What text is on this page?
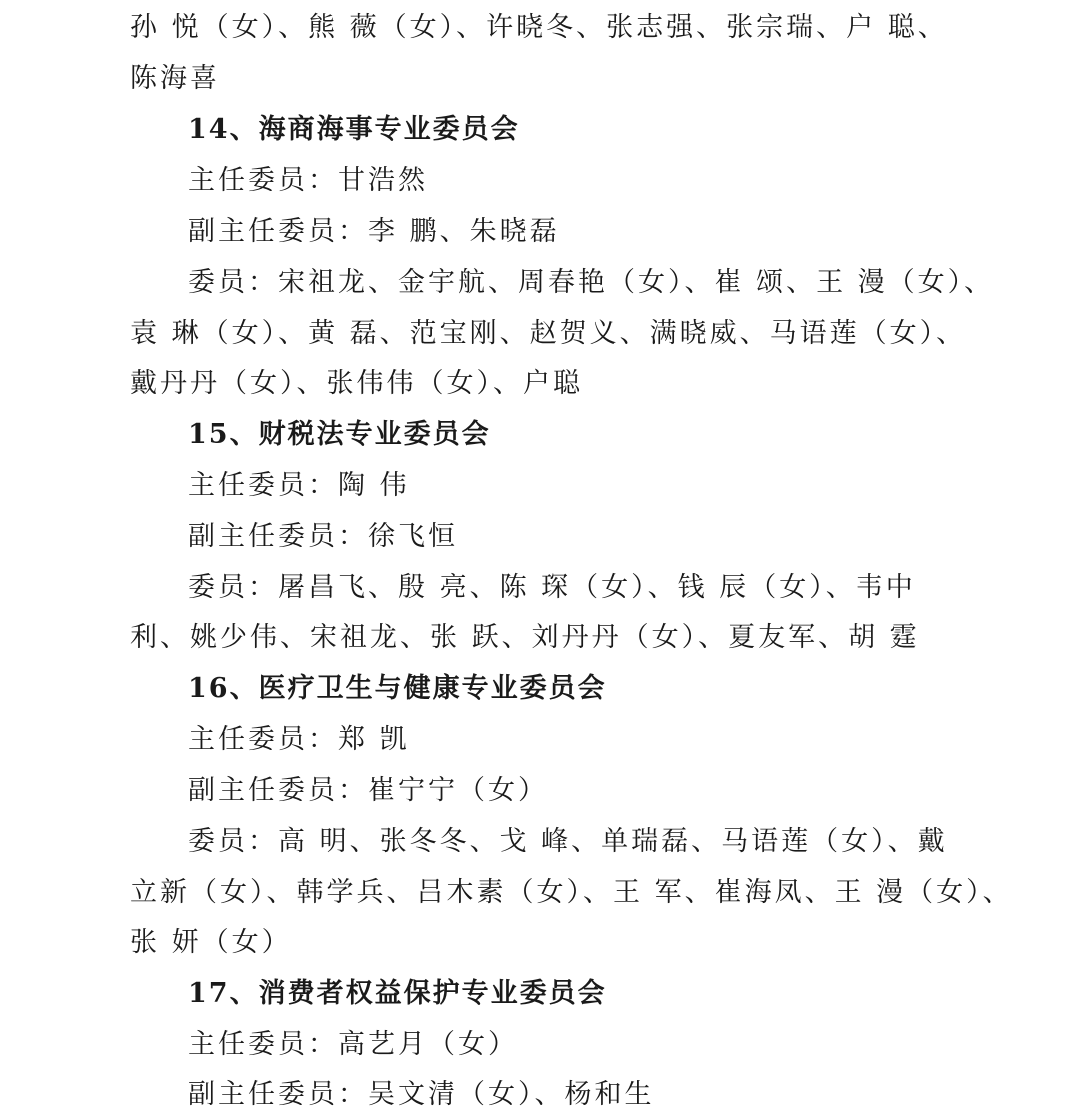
孙 悦（女）、熊 薇（女）、许晓冬、张志强、张宗瑞、户 聪、
陈海喜
14、海商海事专业委员会
主任委员：甘浩然
副主任委员：李 鹏、朱晓磊
委员：宋祖龙、金宇航、周春艳（女）、崔 颂、王 漫（女）、
袁 琳（女）、黄 磊、范宝刚、赵贺义、满晓威、马语莲（女）、
戴丹丹（女）、张伟伟（女）、户聪
15、财税法专业委员会
主任委员：陶 伟
副主任委员：徐飞恒
委员：屠昌飞、殷 亮、陈 琛（女）、钱 辰（女）、韦中
利、姚少伟、宋祖龙、张 跃、刘丹丹（女）、夏友军、胡 霆
16、医疗卫生与健康专业委员会
主任委员：郑 凯
副主任委员：崔宁宁（女）
委员：高 明、张冬冬、戈 峰、单瑞磊、马语莲（女）、戴
立新（女）、韩学兵、吕木素（女）、王 军、崔海凤、王 漫（女）、
张 妍（女）
17、消费者权益保护专业委员会
主任委员：高艺月（女）
副主任委员：吴文清（女）、杨和生
